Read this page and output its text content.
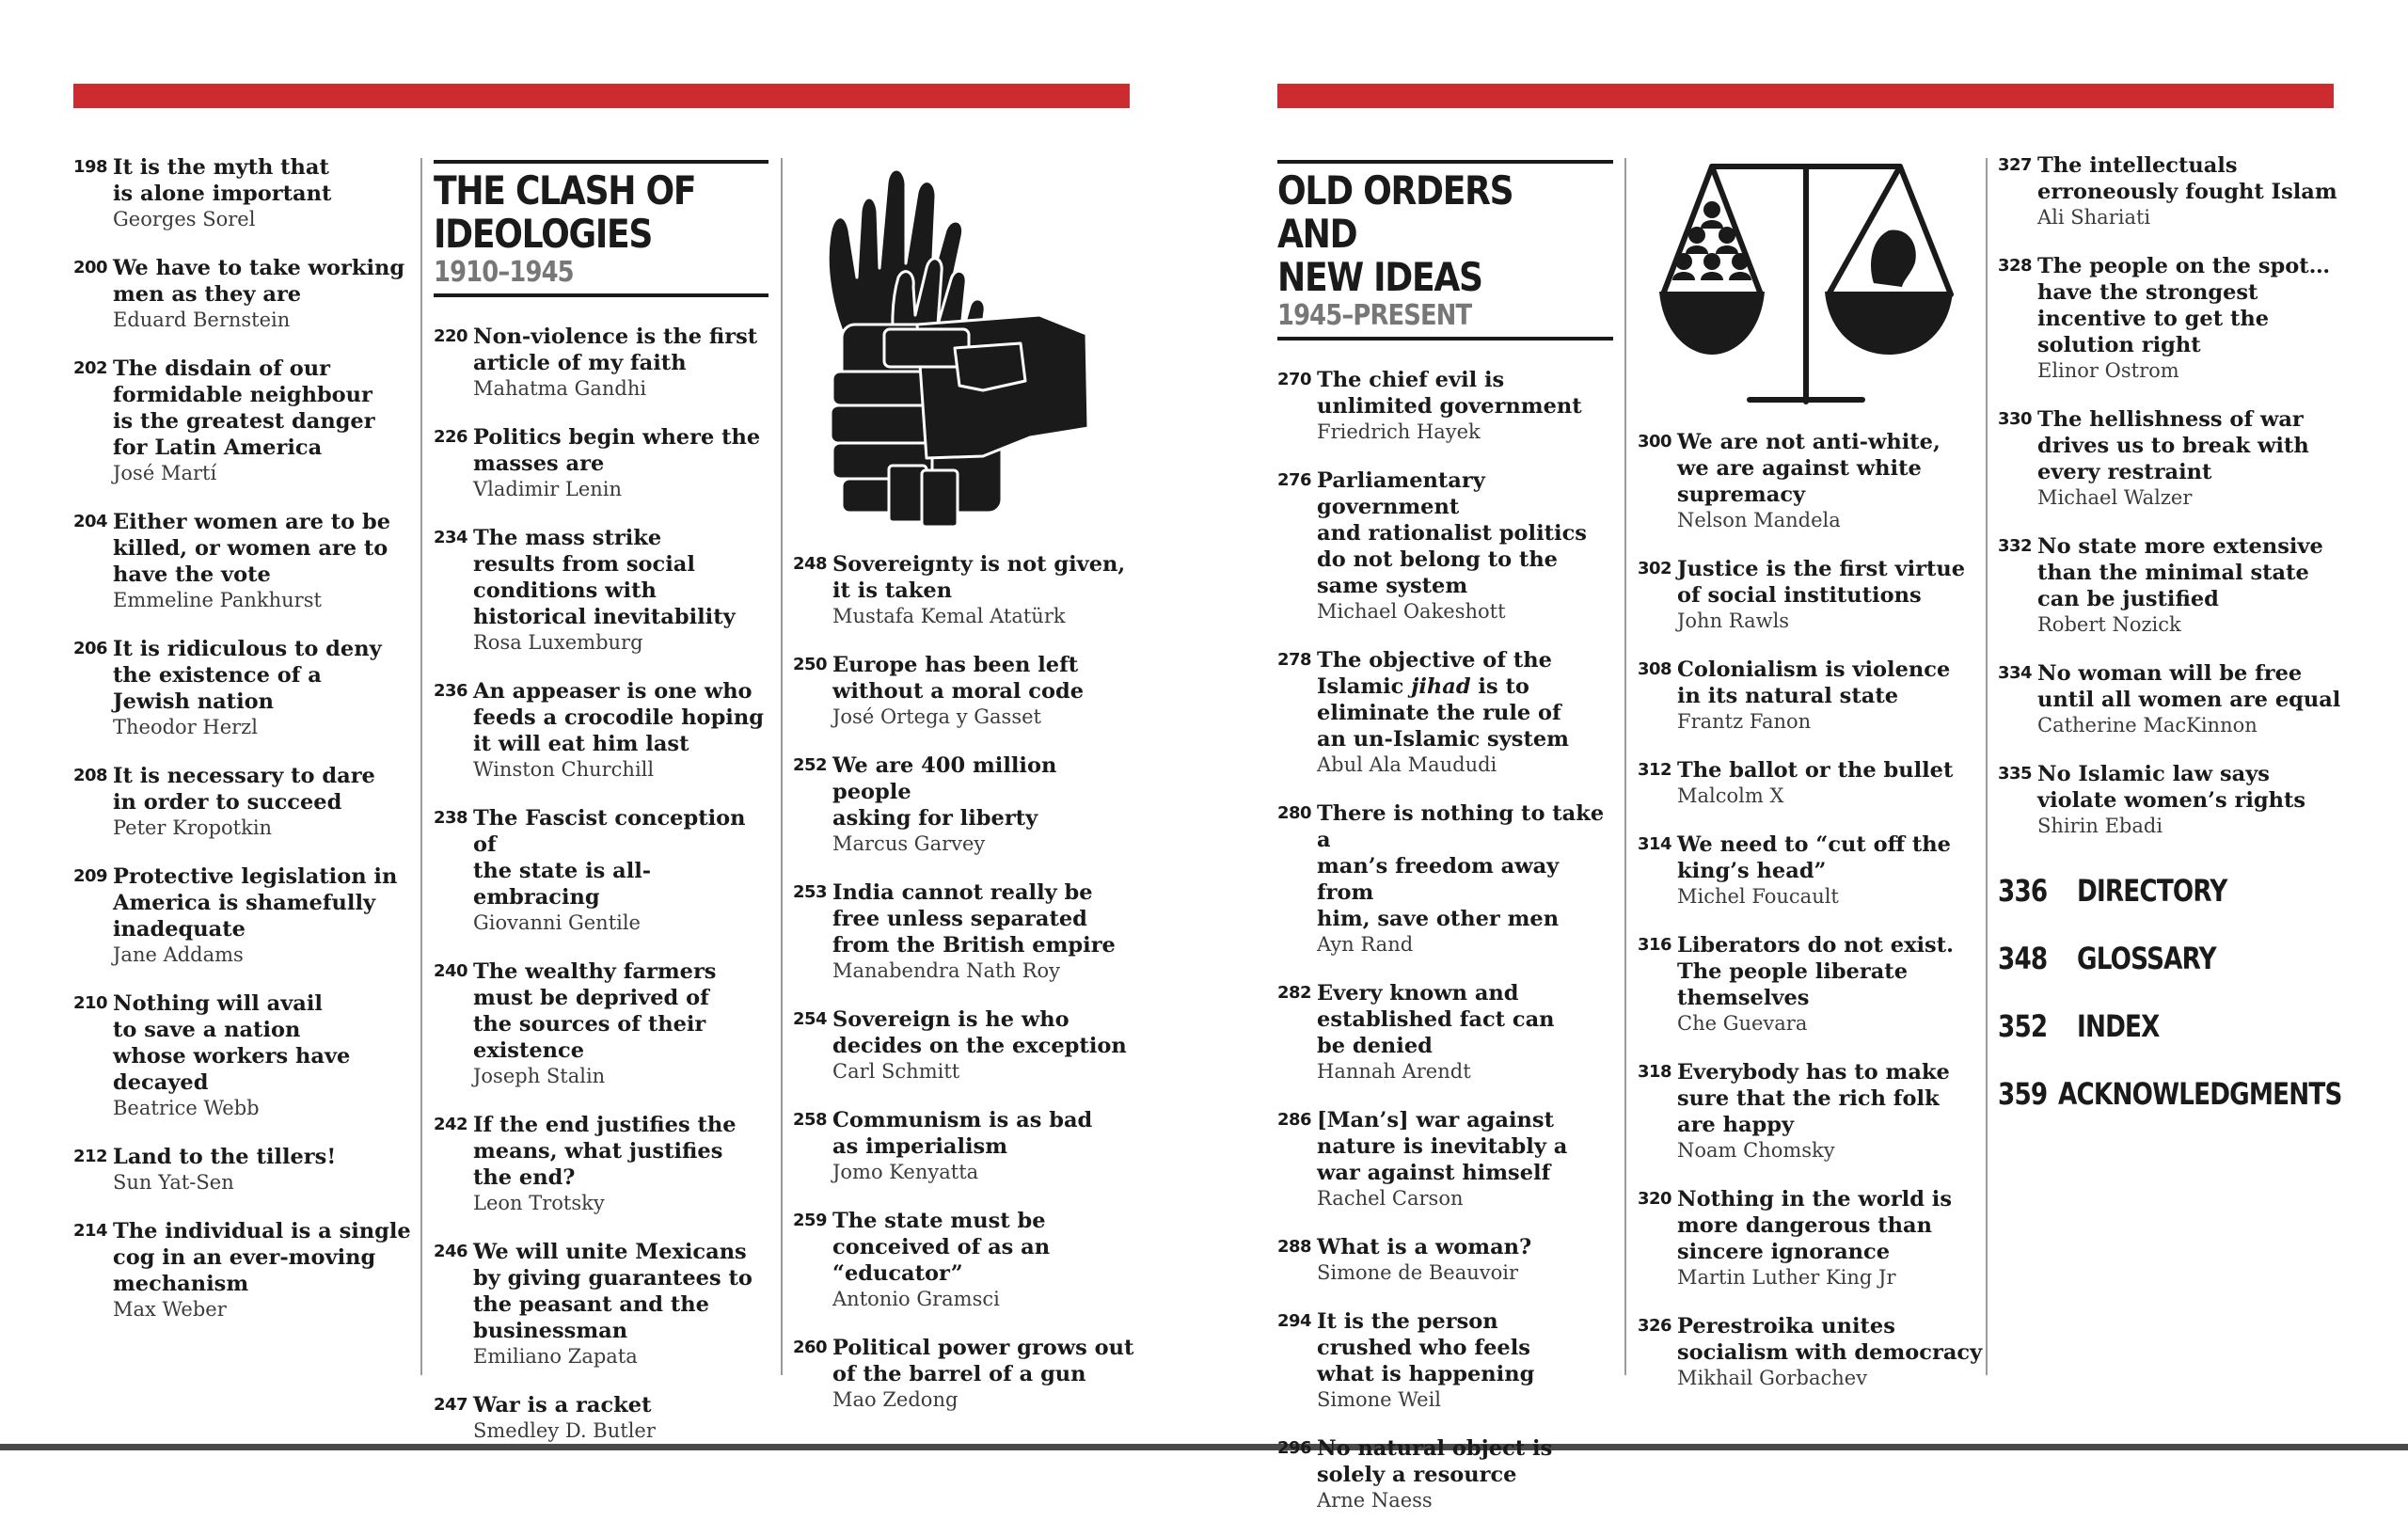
198 It is the myth that
is alone important
Georges Sorel
200 We have to take working
men as they are
Eduard Bernstein
202 The disdain of our
formidable neighbour
is the greatest danger
for Latin America
José Martí
204 Either women are to be
killed, or women are to
have the vote
Emmeline Pankhurst
206 It is ridiculous to deny
the existence of a
Jewish nation
Theodor Herzl
208 It is necessary to dare
in order to succeed
Peter Kropotkin
209 Protective legislation in
America is shamefully
inadequate
Jane Addams
210 Nothing will avail
to save a nation
whose workers have
decayed
Beatrice Webb
212 Land to the tillers!
Sun Yat-Sen
214 The individual is a single
cog in an ever-moving
mechanism
Max Weber
THE CLASH OF
IDEOLOGIES
1910–1945
220 Non-violence is the first
article of my faith
Mahatma Gandhi
226 Politics begin where the
masses are
Vladimir Lenin
234 The mass strike
results from social
conditions with
historical inevitability
Rosa Luxemburg
236 An appeaser is one who
feeds a crocodile hoping
it will eat him last
Winston Churchill
238 The Fascist conception of
the state is all-embracing
Giovanni Gentile
240 The wealthy farmers
must be deprived of
the sources of their
existence
Joseph Stalin
242 If the end justifies the
means, what justifies
the end?
Leon Trotsky
246 We will unite Mexicans
by giving guarantees to
the peasant and the
businessman
Emiliano Zapata
247 War is a racket
Smedley D. Butler
248 Sovereignty is not given,
it is taken
Mustafa Kemal Atatürk
250 Europe has been left
without a moral code
José Ortega y Gasset
252 We are 400 million people
asking for liberty
Marcus Garvey
253 India cannot really be
free unless separated
from the British empire
Manabendra Nath Roy
254 Sovereign is he who
decides on the exception
Carl Schmitt
258 Communism is as bad
as imperialism
Jomo Kenyatta
259 The state must be
conceived of as an
“educator”
Antonio Gramsci
260 Political power grows out
of the barrel of a gun
Mao Zedong
OLD ORDERS AND
NEW IDEAS
1945–PRESENT
270 The chief evil is
unlimited government
Friedrich Hayek
276 Parliamentary government
and rationalist politics
do not belong to the
same system
Michael Oakeshott
278 The objective of the
Islamic jihad is to
eliminate the rule of
an un-Islamic system
Abul Ala Maududi
280 There is nothing to take a
man’s freedom away from
him, save other men
Ayn Rand
282 Every known and
established fact can
be denied
Hannah Arendt
286 [Man’s] war against
nature is inevitably a
war against himself
Rachel Carson
288 What is a woman?
Simone de Beauvoir
294 It is the person
crushed who feels
what is happening
Simone Weil
296 No natural object is
solely a resource
Arne Naess
300 We are not anti-white,
we are against white
supremacy
Nelson Mandela
302 Justice is the first virtue
of social institutions
John Rawls
308 Colonialism is violence
in its natural state
Frantz Fanon
312 The ballot or the bullet
Malcolm X
314 We need to “cut off the
king’s head”
Michel Foucault
316 Liberators do not exist.
The people liberate
themselves
Che Guevara
318 Everybody has to make
sure that the rich folk
are happy
Noam Chomsky
320 Nothing in the world is
more dangerous than
sincere ignorance
Martin Luther King Jr
326 Perestroika unites
socialism with democracy
Mikhail Gorbachev
327 The intellectuals
erroneously fought Islam
Ali Shariati
328 The people on the spot…
have the strongest
incentive to get the
solution right
Elinor Ostrom
330 The hellishness of war
drives us to break with
every restraint
Michael Walzer
332 No state more extensive
than the minimal state
can be justified
Robert Nozick
334 No woman will be free
until all women are equal
Catherine MacKinnon
335 No Islamic law says
violate women’s rights
Shirin Ebadi
336 DIRECTORY
348 GLOSSARY
352 INDEX
359 ACKNOWLEDGMENTS
